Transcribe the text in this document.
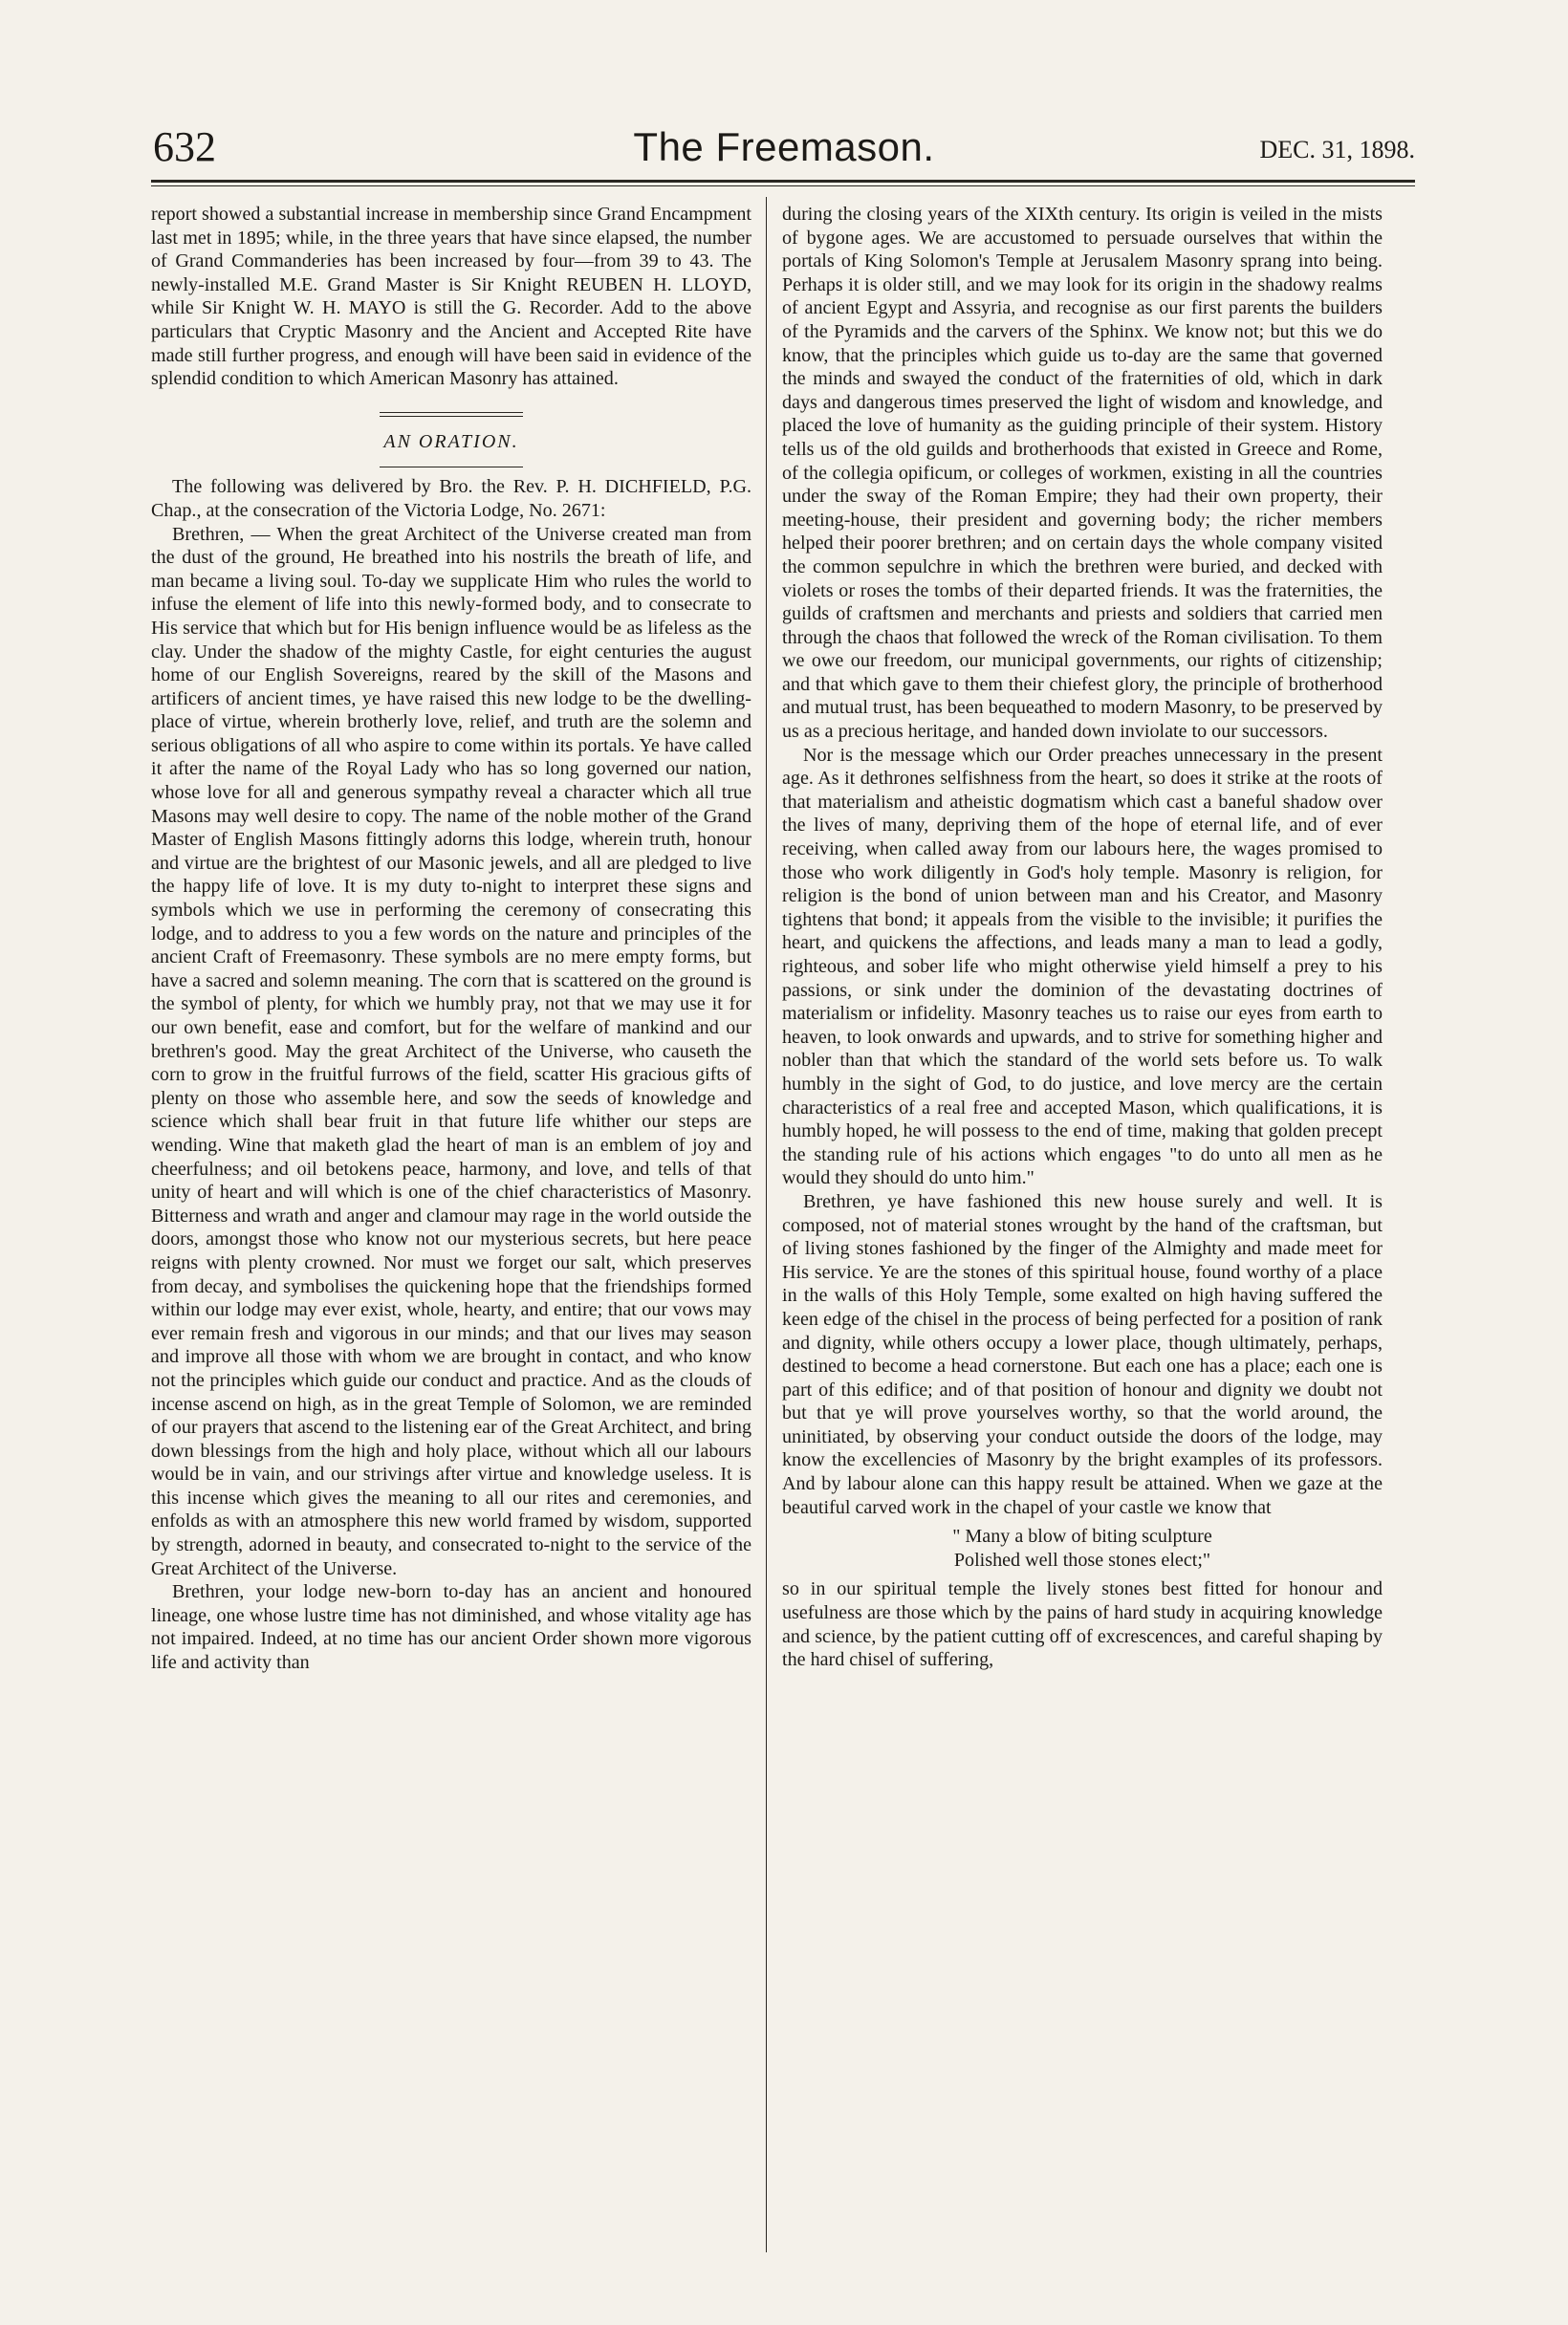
632	The Freemason.	DEC. 31, 1898.

report showed a substantial increase in membership since Grand Encampment last met in 1895; while, in the three years that have since elapsed, the number of Grand Commanderies has been increased by four—from 39 to 43. The newly-installed M.E. Grand Master is Sir Knight REUBEN H. LLOYD, while Sir Knight W. H. MAYO is still the G. Recorder. Add to the above particulars that Cryptic Masonry and the Ancient and Accepted Rite have made still further progress, and enough will have been said in evidence of the splendid condition to which American Masonry has attained.

AN ORATION.

The following was delivered by Bro. the Rev. P. H. DICHFIELD, P.G. Chap., at the consecration of the Victoria Lodge, No. 2671:

Brethren, — When the great Architect of the Universe created man from the dust of the ground, He breathed into his nostrils the breath of life, and man became a living soul. To-day we supplicate Him who rules the world to infuse the element of life into this newly-formed body, and to consecrate to His service that which but for His benign influence would be as lifeless as the clay. Under the shadow of the mighty Castle, for eight centuries the august home of our English Sovereigns, reared by the skill of the Masons and artificers of ancient times, ye have raised this new lodge to be the dwelling-place of virtue, wherein brotherly love, relief, and truth are the solemn and serious obligations of all who aspire to come within its portals. Ye have called it after the name of the Royal Lady who has so long governed our nation, whose love for all and generous sympathy reveal a character which all true Masons may well desire to copy. The name of the noble mother of the Grand Master of English Masons fittingly adorns this lodge, wherein truth, honour and virtue are the brightest of our Masonic jewels, and all are pledged to live the happy life of love. It is my duty to-night to interpret these signs and symbols which we use in performing the ceremony of consecrating this lodge, and to address to you a few words on the nature and principles of the ancient Craft of Freemasonry. These symbols are no mere empty forms, but have a sacred and solemn meaning. The corn that is scattered on the ground is the symbol of plenty, for which we humbly pray, not that we may use it for our own benefit, ease and comfort, but for the welfare of mankind and our brethren's good. May the great Architect of the Universe, who causeth the corn to grow in the fruitful furrows of the field, scatter His gracious gifts of plenty on those who assemble here, and sow the seeds of knowledge and science which shall bear fruit in that future life whither our steps are wending. Wine that maketh glad the heart of man is an emblem of joy and cheerfulness; and oil betokens peace, harmony, and love, and tells of that unity of heart and will which is one of the chief characteristics of Masonry. Bitterness and wrath and anger and clamour may rage in the world outside the doors, amongst those who know not our mysterious secrets, but here peace reigns with plenty crowned. Nor must we forget our salt, which preserves from decay, and symbolises the quickening hope that the friendships formed within our lodge may ever exist, whole, hearty, and entire; that our vows may ever remain fresh and vigorous in our minds; and that our lives may season and improve all those with whom we are brought in contact, and who know not the principles which guide our conduct and practice. And as the clouds of incense ascend on high, as in the great Temple of Solomon, we are reminded of our prayers that ascend to the listening ear of the Great Architect, and bring down blessings from the high and holy place, without which all our labours would be in vain, and our strivings after virtue and knowledge useless. It is this incense which gives the meaning to all our rites and ceremonies, and enfolds as with an atmosphere this new world framed by wisdom, supported by strength, adorned in beauty, and consecrated to-night to the service of the Great Architect of the Universe.

Brethren, your lodge new-born to-day has an ancient and honoured lineage, one whose lustre time has not diminished, and whose vitality age has not impaired. Indeed, at no time has our ancient Order shown more vigorous life and activity than

during the closing years of the XIXth century. Its origin is veiled in the mists of bygone ages. We are accustomed to persuade ourselves that within the portals of King Solomon's Temple at Jerusalem Masonry sprang into being. Perhaps it is older still, and we may look for its origin in the shadowy realms of ancient Egypt and Assyria, and recognise as our first parents the builders of the Pyramids and the carvers of the Sphinx. We know not; but this we do know, that the principles which guide us to-day are the same that governed the minds and swayed the conduct of the fraternities of old, which in dark days and dangerous times preserved the light of wisdom and knowledge, and placed the love of humanity as the guiding principle of their system. History tells us of the old guilds and brotherhoods that existed in Greece and Rome, of the collegia opificum, or colleges of workmen, existing in all the countries under the sway of the Roman Empire; they had their own property, their meeting-house, their president and governing body; the richer members helped their poorer brethren; and on certain days the whole company visited the common sepulchre in which the brethren were buried, and decked with violets or roses the tombs of their departed friends. It was the fraternities, the guilds of craftsmen and merchants and priests and soldiers that carried men through the chaos that followed the wreck of the Roman civilisation. To them we owe our freedom, our municipal governments, our rights of citizenship; and that which gave to them their chiefest glory, the principle of brotherhood and mutual trust, has been bequeathed to modern Masonry, to be preserved by us as a precious heritage, and handed down inviolate to our successors.

Nor is the message which our Order preaches unnecessary in the present age. As it dethrones selfishness from the heart, so does it strike at the roots of that materialism and atheistic dogmatism which cast a baneful shadow over the lives of many, depriving them of the hope of eternal life, and of ever receiving, when called away from our labours here, the wages promised to those who work diligently in God's holy temple. Masonry is religion, for religion is the bond of union between man and his Creator, and Masonry tightens that bond; it appeals from the visible to the invisible; it purifies the heart, and quickens the affections, and leads many a man to lead a godly, righteous, and sober life who might otherwise yield himself a prey to his passions, or sink under the dominion of the devastating doctrines of materialism or infidelity. Masonry teaches us to raise our eyes from earth to heaven, to look onwards and upwards, and to strive for something higher and nobler than that which the standard of the world sets before us. To walk humbly in the sight of God, to do justice, and love mercy are the certain characteristics of a real free and accepted Mason, which qualifications, it is humbly hoped, he will possess to the end of time, making that golden precept the standing rule of his actions which engages "to do unto all men as he would they should do unto him."

Brethren, ye have fashioned this new house surely and well. It is composed, not of material stones wrought by the hand of the craftsman, but of living stones fashioned by the finger of the Almighty and made meet for His service. Ye are the stones of this spiritual house, found worthy of a place in the walls of this Holy Temple, some exalted on high having suffered the keen edge of the chisel in the process of being perfected for a position of rank and dignity, while others occupy a lower place, though ultimately, perhaps, destined to become a head cornerstone. But each one has a place; each one is part of this edifice; and of that position of honour and dignity we doubt not but that ye will prove yourselves worthy, so that the world around, the uninitiated, by observing your conduct outside the doors of the lodge, may know the excellencies of Masonry by the bright examples of its professors. And by labour alone can this happy result be attained. When we gaze at the beautiful carved work in the chapel of your castle we know that

" Many a blow of biting sculpture
Polished well those stones elect;"

so in our spiritual temple the lively stones best fitted for honour and usefulness are those which by the pains of hard study in acquiring knowledge and science, by the patient cutting off of excrescences, and careful shaping by the hard chisel of suffering,
